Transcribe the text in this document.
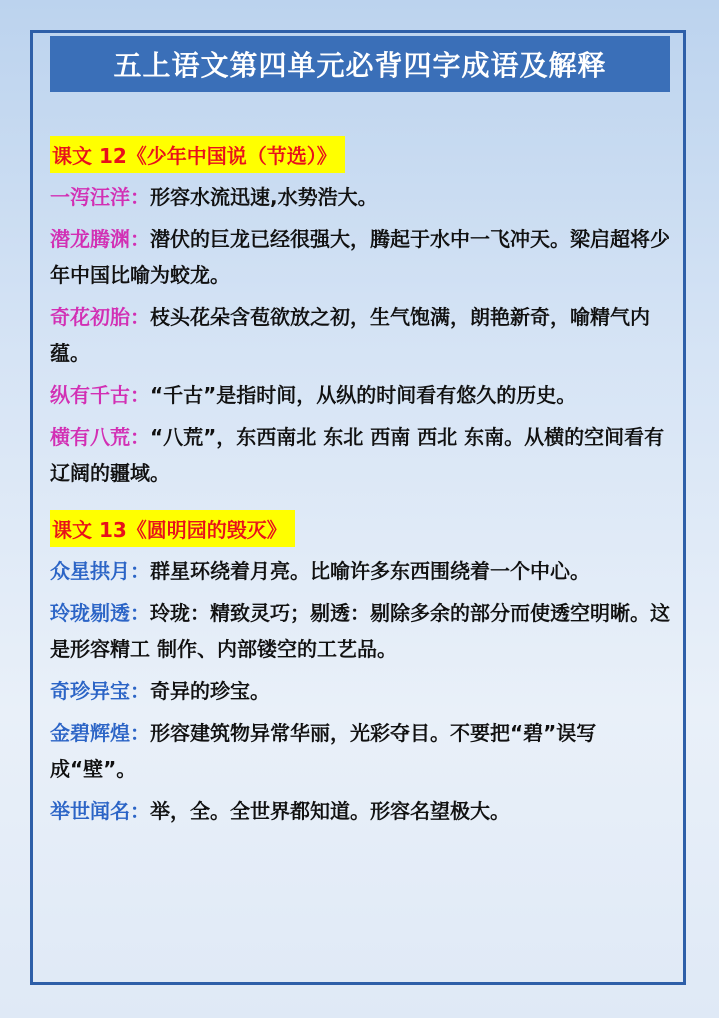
五上语文第四单元必背四字成语及解释
课文 12《少年中国说（节选）》

一泻汪洋：形容水流迅速,水势浩大。

潜龙腾渊：潜伏的巨龙已经很强大，腾起于水中一飞冲天。梁启超将少年中国比喻为蛟龙。

奇花初胎：枝头花朵含苞欲放之初，生气饱满，朗艳新奇，喻精气内蕴。

纵有千古：“千古”是指时间，从纵的时间看有悠久的历史。

横有八荒：“八荒”，东西南北 东北 西南 西北 东南。从横的空间看有辽阔的疆域。

课文 13《圆明园的毁灭》

众星拱月：群星环绕着月亮。比喻许多东西围绕着一个中心。

玲珑剔透：玲珑：精致灵巧；剔透：剔除多余的部分而使透空明晰。这是形容精工 制作、内部镂空的工艺品。

奇珍异宝：奇异的珍宝。

金碧辉煌：形容建筑物异常华丽，光彩夺目。不要把“碧”误写成“壁”。

举世闻名：举，全。全世界都知道。形容名望极大。
